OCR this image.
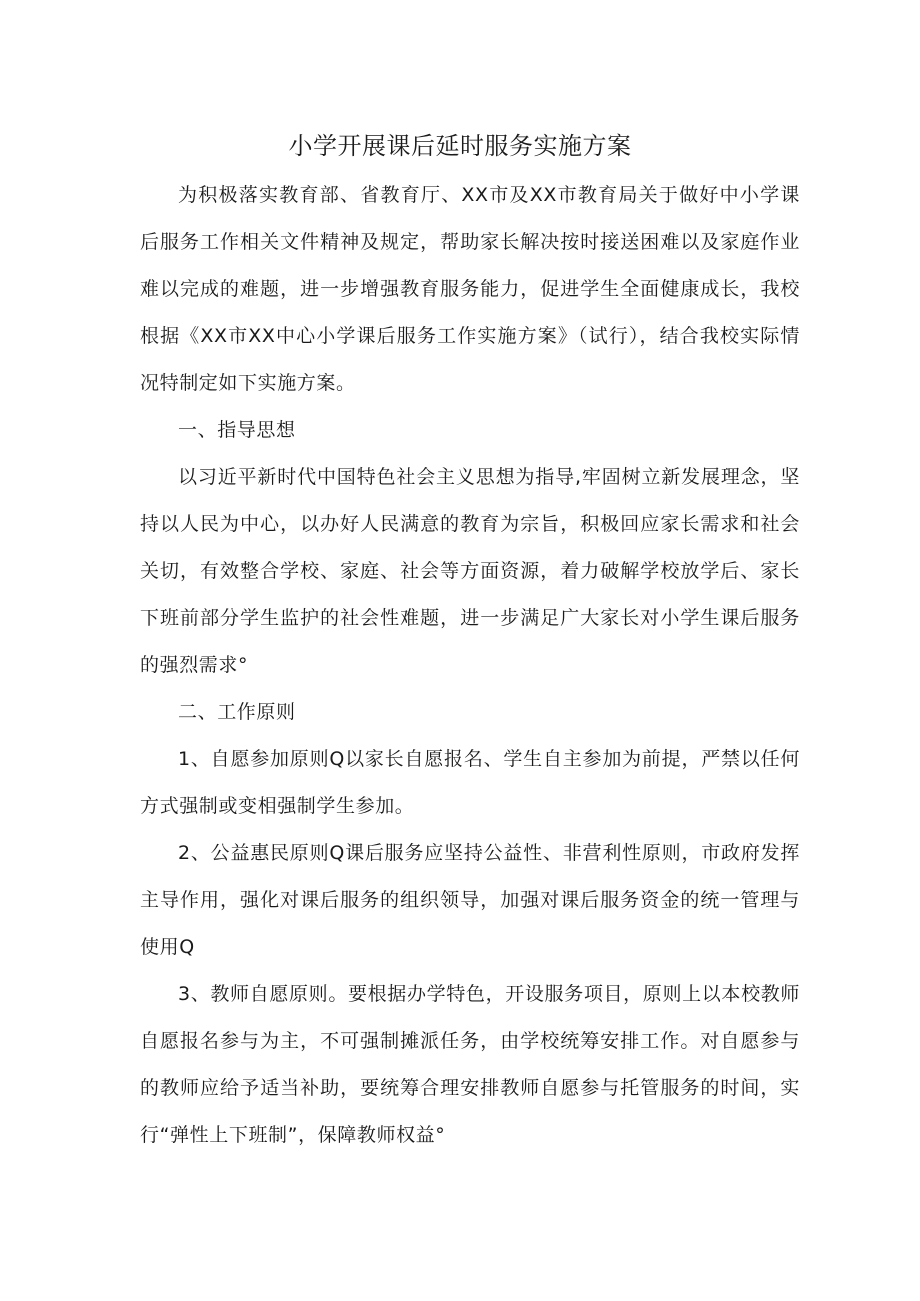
小学开展课后延时服务实施方案

为积极落实教育部、省教育厅、XX市及XX市教育局关于做好中小学课后服务工作相关文件精神及规定，帮助家长解决按时接送困难以及家庭作业难以完成的难题，进一步增强教育服务能力，促进学生全面健康成长，我校根据《XX市XX中心小学课后服务工作实施方案》（试行），结合我校实际情况特制定如下实施方案。

一、指导思想

以习近平新时代中国特色社会主义思想为指导,牢固树立新发展理念，坚持以人民为中心，以办好人民满意的教育为宗旨，积极回应家长需求和社会关切，有效整合学校、家庭、社会等方面资源，着力破解学校放学后、家长下班前部分学生监护的社会性难题，进一步满足广大家长对小学生课后服务的强烈需求°

二、工作原则

1、自愿参加原则Q以家长自愿报名、学生自主参加为前提，严禁以任何方式强制或变相强制学生参加。

2、公益惠民原则Q课后服务应坚持公益性、非营利性原则，市政府发挥主导作用，强化对课后服务的组织领导，加强对课后服务资金的统一管理与使用Q

3、教师自愿原则。要根据办学特色，开设服务项目，原则上以本校教师自愿报名参与为主，不可强制摊派任务，由学校统筹安排工作。对自愿参与的教师应给予适当补助，要统筹合理安排教师自愿参与托管服务的时间，实行“弹性上下班制”，保障教师权益°
